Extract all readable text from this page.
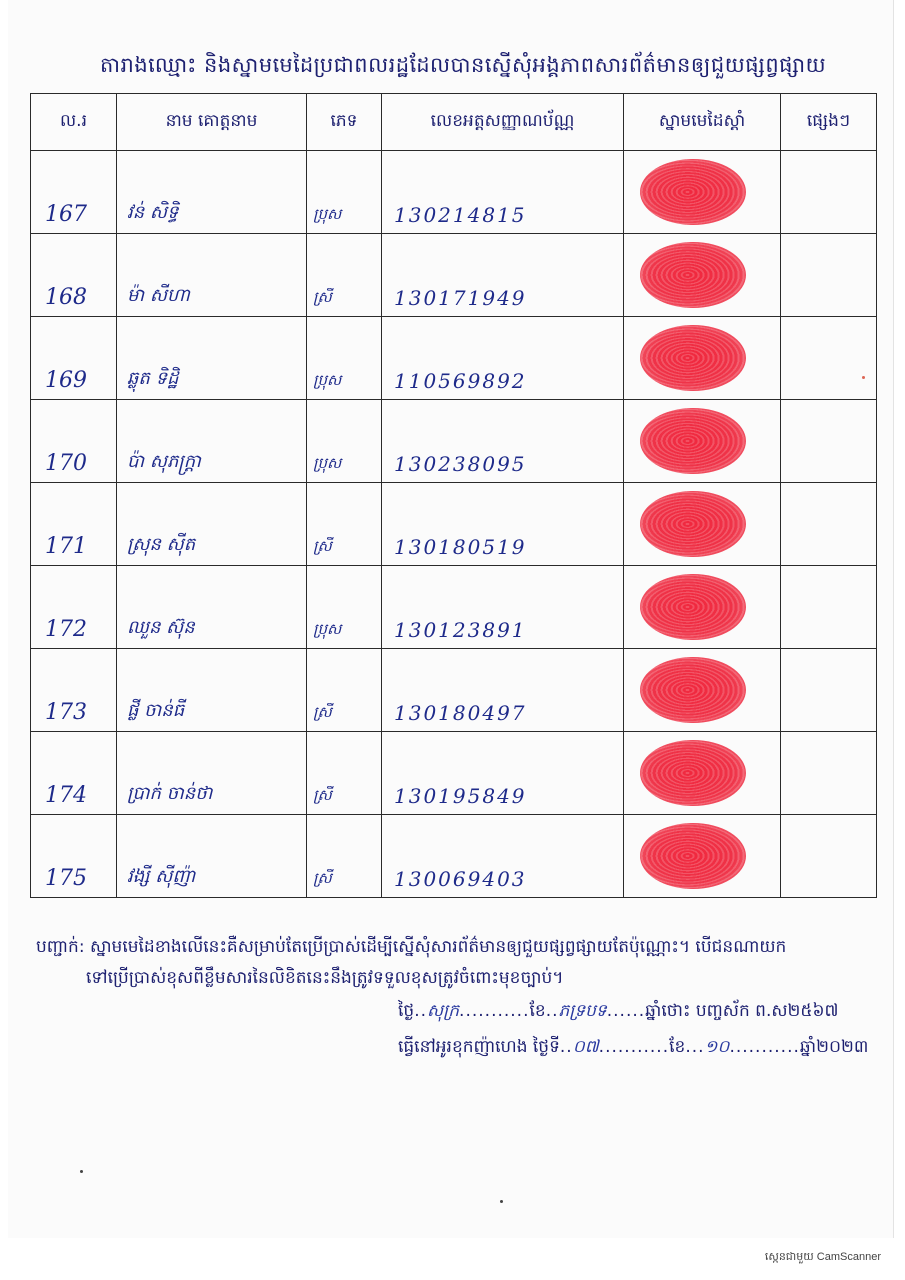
តារាងឈ្មោះ និងស្នាមមេដៃប្រជាពលរដ្ឋដែលបានស្នើសុំអង្គភាពសារព័ត៌មានឲ្យជួយផ្សព្វផ្សាយ
ល.រ	នាម គោត្តនាម	ភេទ	លេខអត្តសញ្ញាណប័ណ្ណ	ស្នាមមេដៃស្តាំ	ផ្សេងៗ

167	វន់ សិទ្ធិ	ប្រុស	130214815		

168	ម៉ា សីហា	ស្រី	130171949		

169	ឆ្លុត ទិដ្ឋិ	ប្រុស	110569892		

170	ប៉ា សុភក្ត្រា	ប្រុស	130238095		

171	ស្រុន ស៊ីត	ស្រី	130180519		

172	ឈួន ស៊ុន	ប្រុស	130123891		

173	ផ្លី ចាន់ធី	ស្រី	130180497		

174	ប្រាក់ ចាន់ថា	ស្រី	130195849		

175	វង្សី ស៊ីញ៉ា	ស្រី	130069403		

បញ្ជាក់: ស្នាមមេដៃខាងលើនេះគឺសម្រាប់តែប្រើប្រាស់ដើម្បីស្នើសុំសារព័ត៌មានឲ្យជួយផ្សព្វផ្សាយតែប៉ុណ្ណោះ។ បើជនណាយក
ទៅប្រើប្រាស់ខុសពីខ្លឹមសារនៃលិខិតនេះនឹងត្រូវទទួលខុសត្រូវចំពោះមុខច្បាប់។
ថ្ងៃ..សុក្រ...........ខែ..ភទ្របទ......ឆ្នាំថោះ បញ្ចស័ក ព.ស២៥៦៧
ធ្វើនៅអូរខុកញ៉ាហេង ថ្ងៃទី..០៧...........ខែ...១០...........ឆ្នាំ២០២៣
ស្កេនជាមួយ CamScanner
